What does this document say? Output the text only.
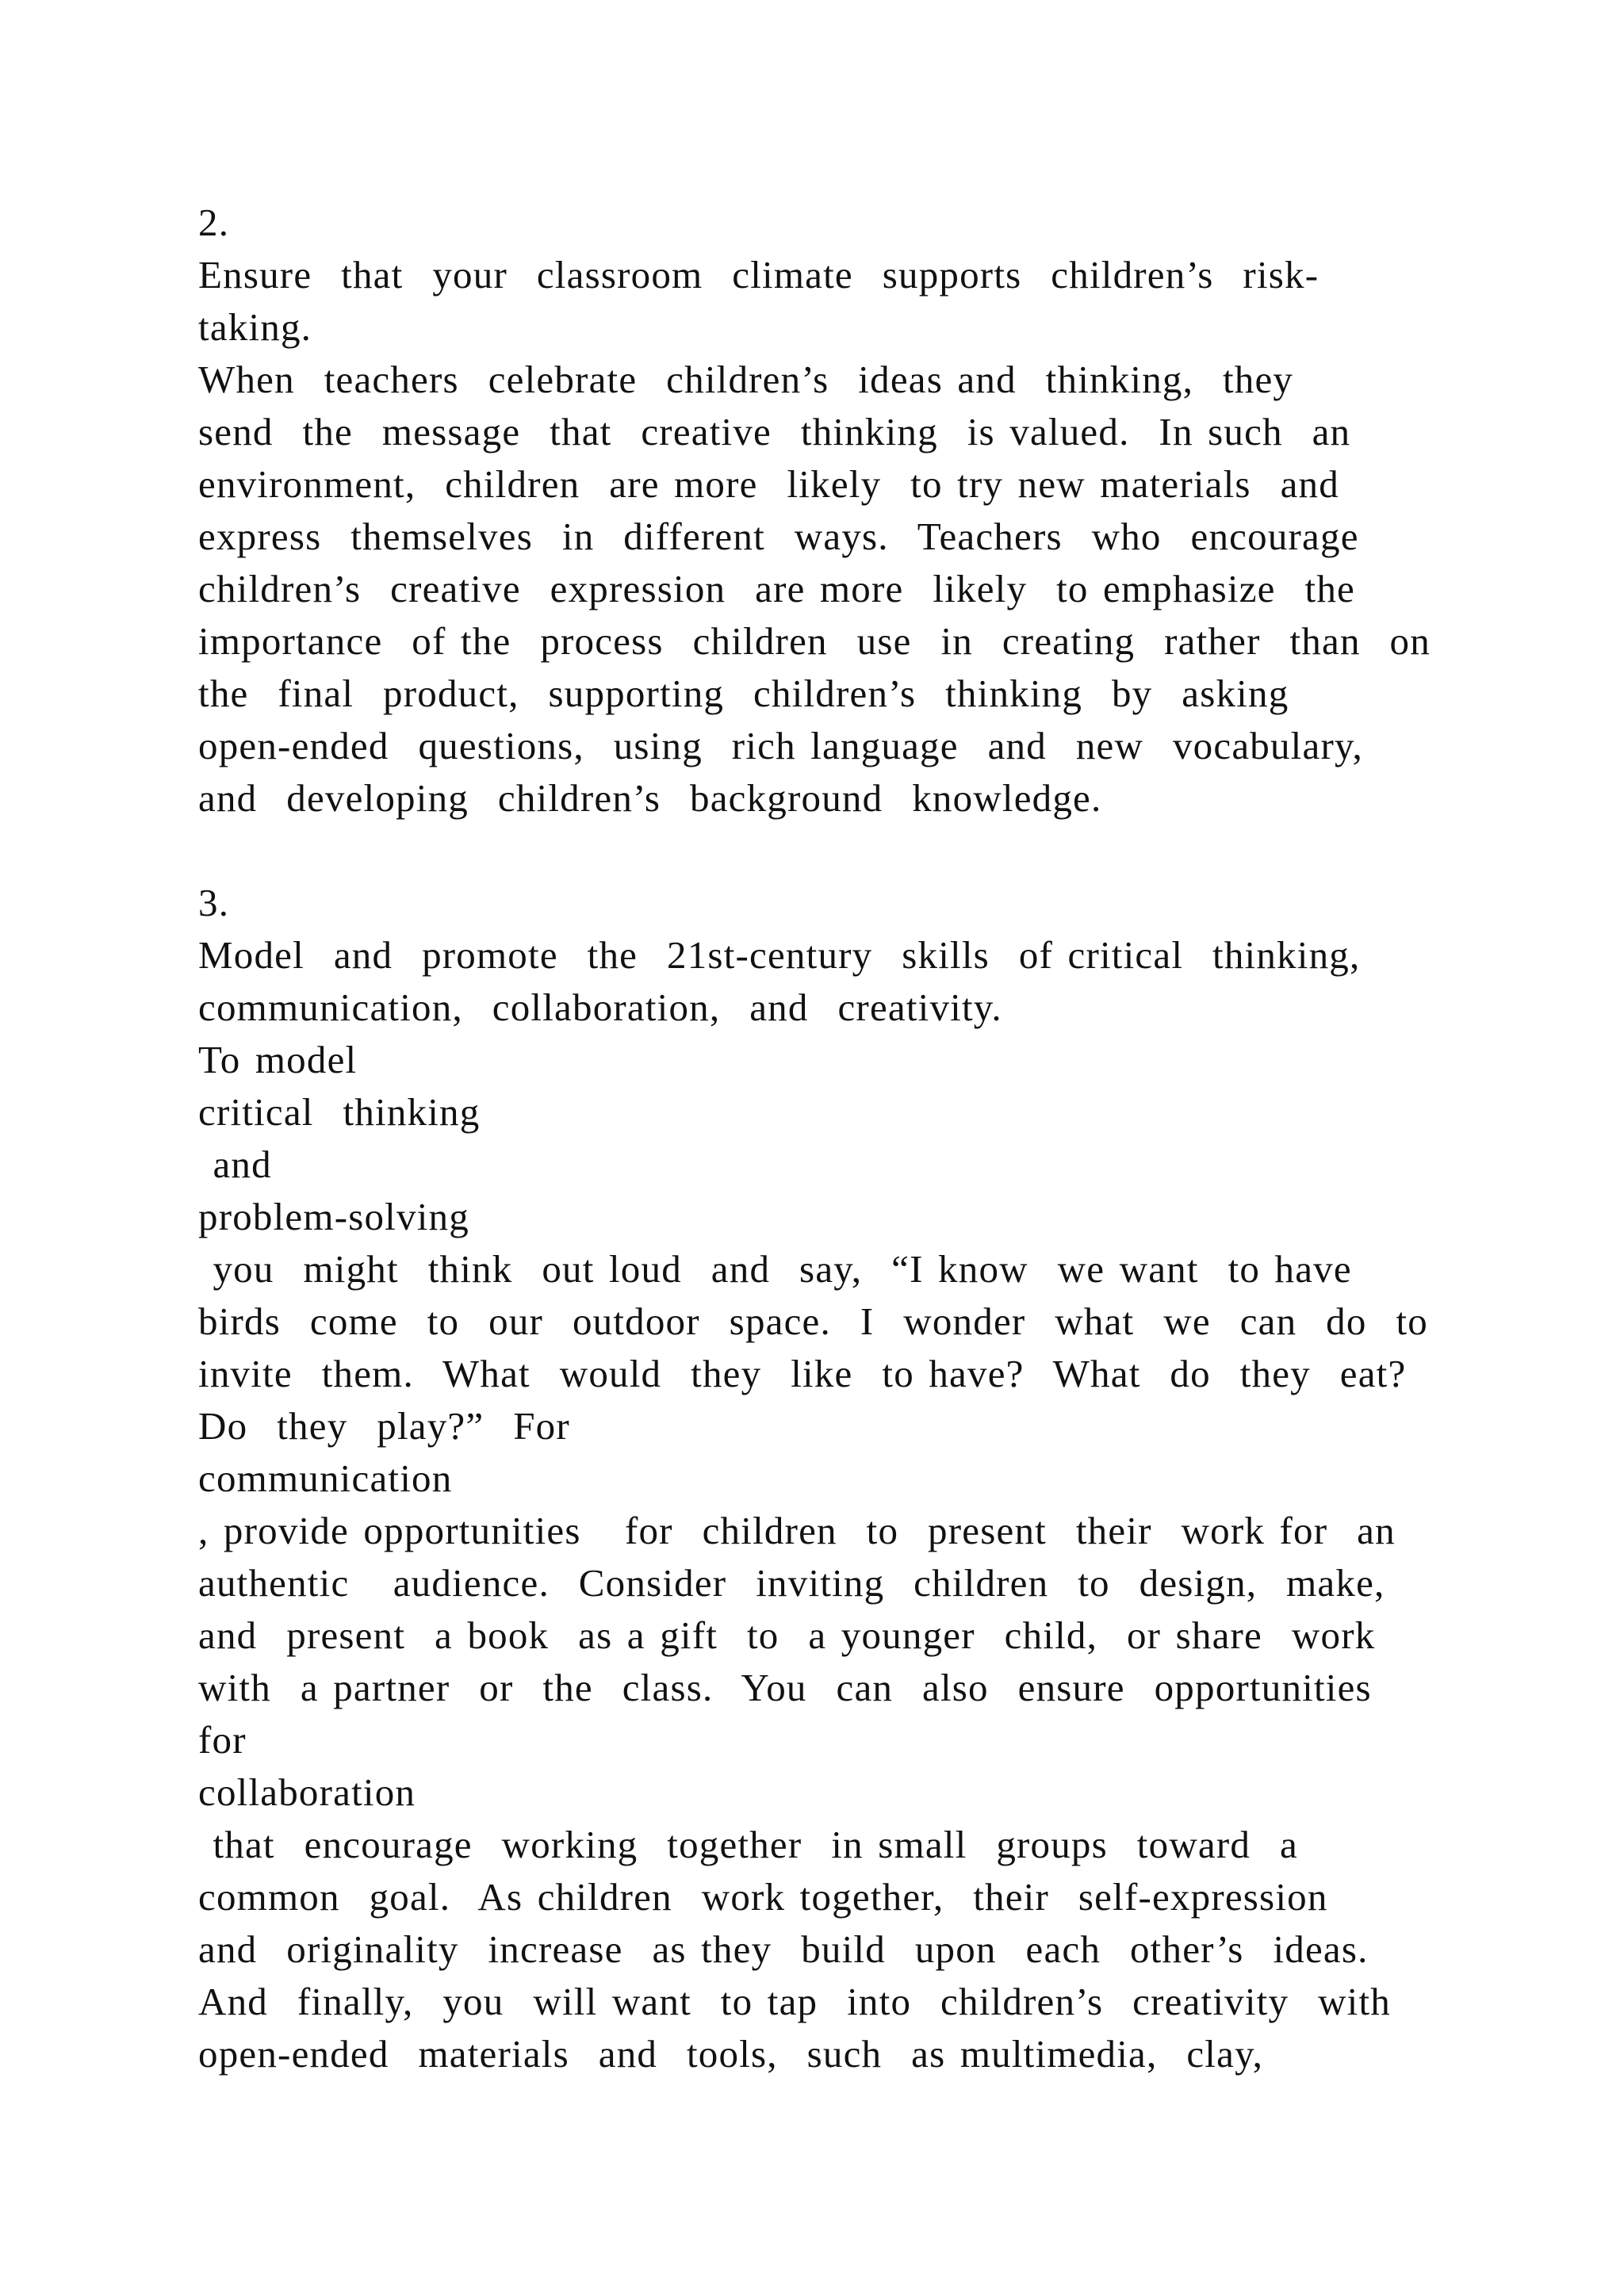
2.
Ensure  that  your  classroom  climate  supports  children’s  risk-
taking.
When  teachers  celebrate  children’s  ideas and  thinking,  they
send  the  message  that  creative  thinking  is valued.  In such  an
environment,  children  are more  likely  to try new materials  and
express  themselves  in  different  ways.  Teachers  who  encourage
children’s  creative  expression  are more  likely  to emphasize  the
importance  of the  process  children  use  in  creating  rather  than  on
the  final  product,  supporting  children’s  thinking  by  asking
open-ended  questions,  using  rich language  and  new  vocabulary,
and  developing  children’s  background  knowledge.
3.
Model  and  promote  the  21st-century  skills  of critical  thinking,
communication,  collaboration,  and  creativity.
To model
critical  thinking
and
problem-solving
you  might  think  out loud  and  say,  “I know  we want  to have
birds  come  to  our  outdoor  space.  I  wonder  what  we  can  do  to
invite  them.  What  would  they  like  to have?  What  do  they  eat?
Do  they  play?”  For
communication
, provide opportunities   for  children  to  present  their  work for  an
authentic   audience.  Consider  inviting  children  to  design,  make,
and  present  a book  as a gift  to  a younger  child,  or share  work
with  a partner  or  the  class.  You  can  also  ensure  opportunities
for
collaboration
that  encourage  working  together  in small  groups  toward  a
common  goal.  As children  work together,  their  self-expression
and  originality  increase  as they  build  upon  each  other’s  ideas.
And  finally,  you  will want  to tap  into  children’s  creativity  with
open-ended  materials  and  tools,  such  as multimedia,  clay,
